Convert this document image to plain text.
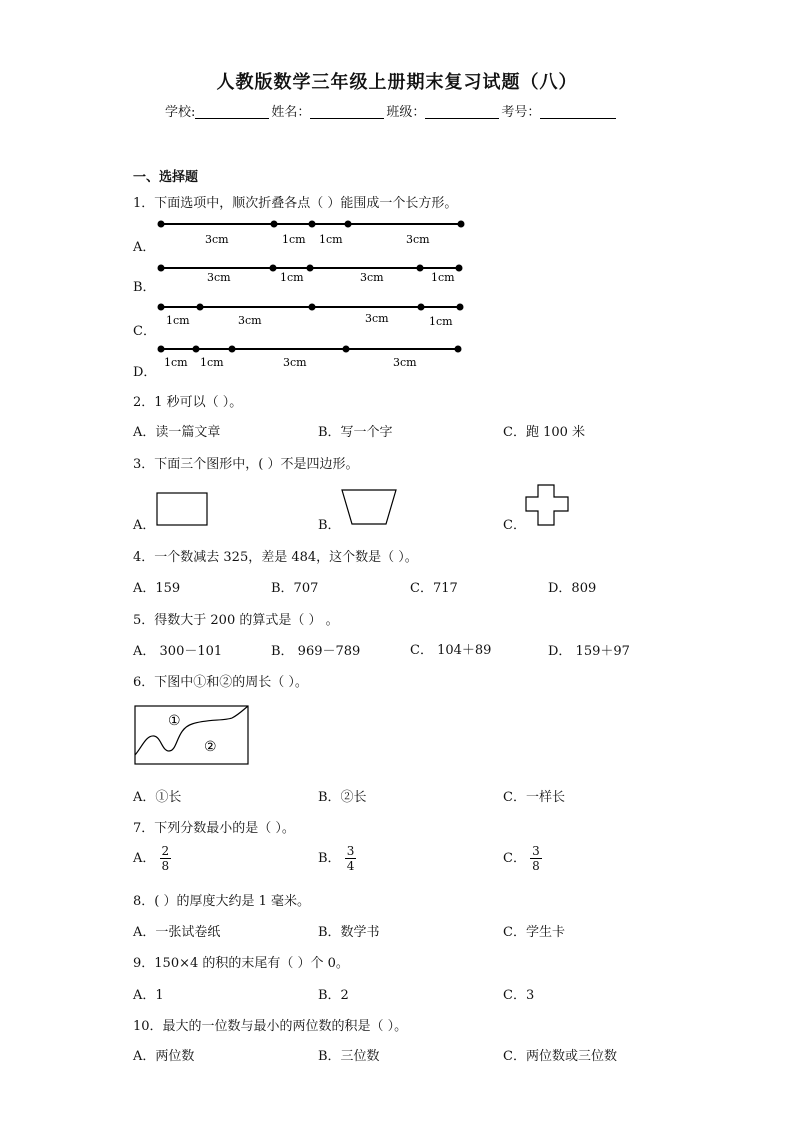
人教版数学三年级上册期末复习试题（八）
学校:	姓名：	班级：	考号：
一、选择题
1．下面选项中，顺次折叠各点（ ）能围成一个长方形。
A．
B．
C．
D．
3cm	1cm 1cm	3cm
3cm	1cm	3cm	1cm
1cm	3cm	3cm	1cm
1cm 1cm	3cm	3cm
2．1 秒可以（ ）。
A．读一篇文章	B．写一个字	C．跑 100 米
3．下面三个图形中，( ）不是四边形。
A．	B．	C．
4．一个数减去 325，差是 484，这个数是（ ）。
A．159	B．707	C．717	D．809
5．得数大于 200 的算式是（ ） 。
A． 300－101	B． 969－789	C． 104＋89	D． 159＋97
6．下图中①和②的周长（ ）。
①
②
A．①长	B．②长	C．一样长
7．下列分数最小的是（ ）。
A． $\frac{2}{8}$	B． $\frac{3}{4}$	C． $\frac{3}{8}$
8．( ）的厚度大约是 1 毫米。
A．一张试卷纸	B．数学书	C．学生卡
9．150×4 的积的末尾有（ ）个 0。
A．1	B．2	C．3
10．最大的一位数与最小的两位数的积是（ ）。
A．两位数	B．三位数	C．两位数或三位数
